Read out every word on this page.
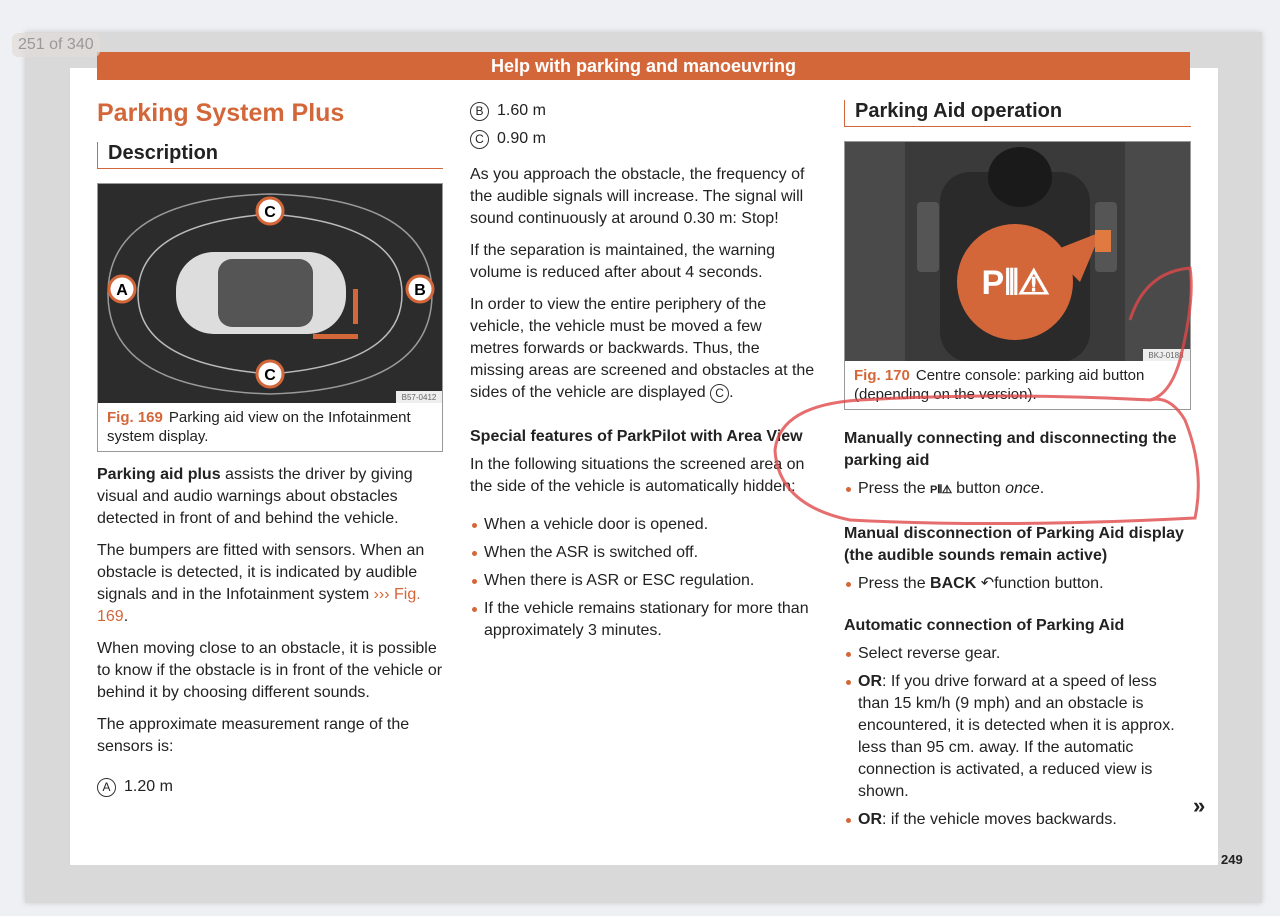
Help with parking and manoeuvring
Parking System Plus
Description
A	B
C
C
B57-0412
Fig. 169 Parking aid view on the Infotainment system display.

Parking aid plus assists the driver by giving visual and audio warnings about obstacles detected in front of and behind the vehicle.

The bumpers are fitted with sensors. When an obstacle is detected, it is indicated by audible signals and in the Infotainment system ››› Fig. 169.

When moving close to an obstacle, it is possible to know if the obstacle is in front of the vehicle or behind it by choosing different sounds.

The approximate measurement range of the sensors is:

A 1.20 m

B 1.60 m

C 0.90 m

As you approach the obstacle, the frequency of the audible signals will increase. The signal will sound continuously at around 0.30 m: Stop!

If the separation is maintained, the warning volume is reduced after about 4 seconds.

In order to view the entire periphery of the vehicle, the vehicle must be moved a few metres forwards or backwards. Thus, the missing areas are screened and obstacles at the sides of the vehicle are displayed C .

Special features of ParkPilot with Area View

In the following situations the screened area on the side of the vehicle is automatically hidden:

When a vehicle door is opened.
When the ASR is switched off.
When there is ASR or ESC regulation.
If the vehicle remains stationary for more than approximately 3 minutes.
Parking Aid operation
P⦀⚠
BKJ-0188
Fig. 170 Centre console: parking aid button (depending on the version).
Manually connecting and disconnecting the parking aid
Press the P⦀⚠ button once.
Manual disconnection of Parking Aid display (the audible sounds remain active)
Press the BACK ↶function button.
Automatic connection of Parking Aid
Select reverse gear.
OR: If you drive forward at a speed of less than 15 km/h (9 mph) and an obstacle is encountered, it is detected when it is approx. less than 95 cm. away. If the automatic connection is activated, a reduced view is shown.
OR: if the vehicle moves backwards.
»
249
251 of 340
